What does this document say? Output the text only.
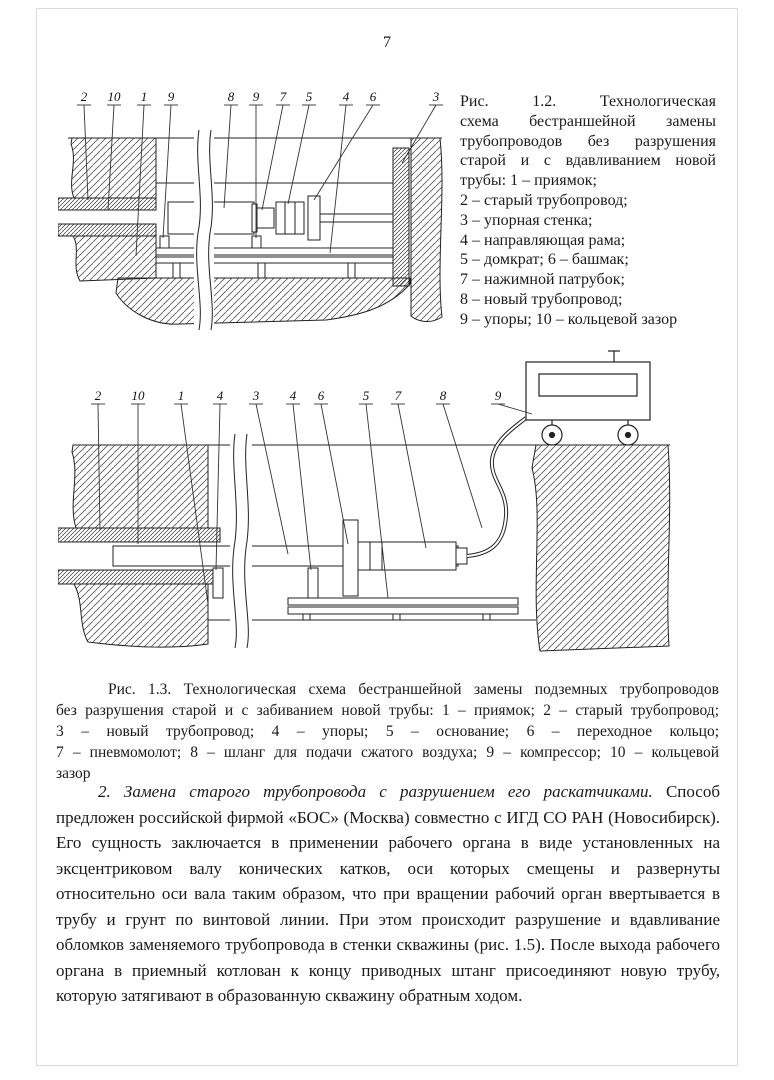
7
2 10 1 9	8 9 7 5 4 6	3 Рис. 1.2. Технологическая
схема бестраншейной замены
трубопроводов без разрушения
старой и с вдавливанием новой
трубы: 1 – приямок;
2 – старый трубопровод;
3 – упорная стенка;
4 – направляющая рама;
5 – домкрат; 6 – башмак;
7 – нажимной патрубок;
8 – новый трубопровод;
9 – упоры; 10 – кольцевой зазор
2 10	1	4 3 4 6	5 7	8	9
Рис. 1.3. Технологическая схема бестраншейной замены подземных трубопроводов
без разрушения старой и с забиванием новой трубы: 1 – приямок; 2 – старый трубопровод;
3 – новый трубопровод; 4 – упоры; 5 – основание; 6 – переходное кольцо;
7 – пневмомолот; 8 – шланг для подачи сжатого воздуха; 9 – компрессор; 10 – кольцевой
зазор

2. Замена старого трубопровода с разрушением его раскатчиками. Способ предложен российской фирмой «БОС» (Москва) совместно с ИГД СО РАН (Новосибирск). Его сущность заключается в применении рабочего органа в виде установленных на эксцентриковом валу конических катков, оси которых смещены и развернуты относительно оси вала таким образом, что при вращении рабочий орган ввертывается в трубу и грунт по винтовой линии. При этом происходит разрушение и вдавливание обломков заменяемого трубопровода в стенки скважины (рис. 1.5). После выхода рабочего органа в приемный котлован к концу приводных штанг присоединяют новую трубу, которую затягивают в образованную скважину обратным ходом.
